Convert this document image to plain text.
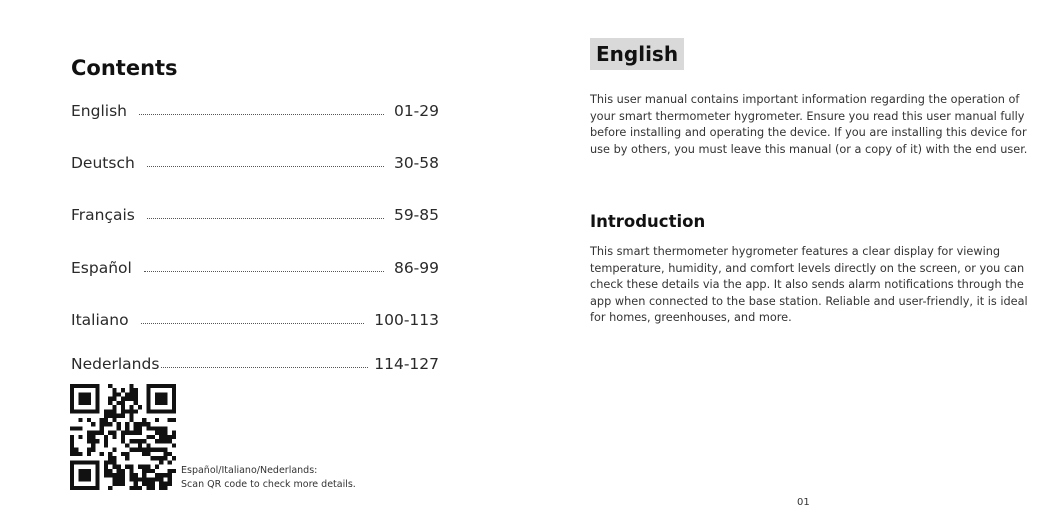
Contents
English	01-29
Deutsch	30-58
Français	59-85
Español	86-99
Italiano	100-113
Nederlands	114-127
Español/Italiano/Nederlands:
Scan QR code to check more details.
English
This user manual contains important information regarding the operation of your smart thermometer hygrometer. Ensure you read this user manual fully before installing and operating the device. If you are installing this device for use by others, you must leave this manual (or a copy of it) with the end user.
Introduction
This smart thermometer hygrometer features a clear display for viewing temperature, humidity, and comfort levels directly on the screen, or you can check these details via the app. It also sends alarm notifications through the app when connected to the base station. Reliable and user-friendly, it is ideal for homes, greenhouses, and more.
01
